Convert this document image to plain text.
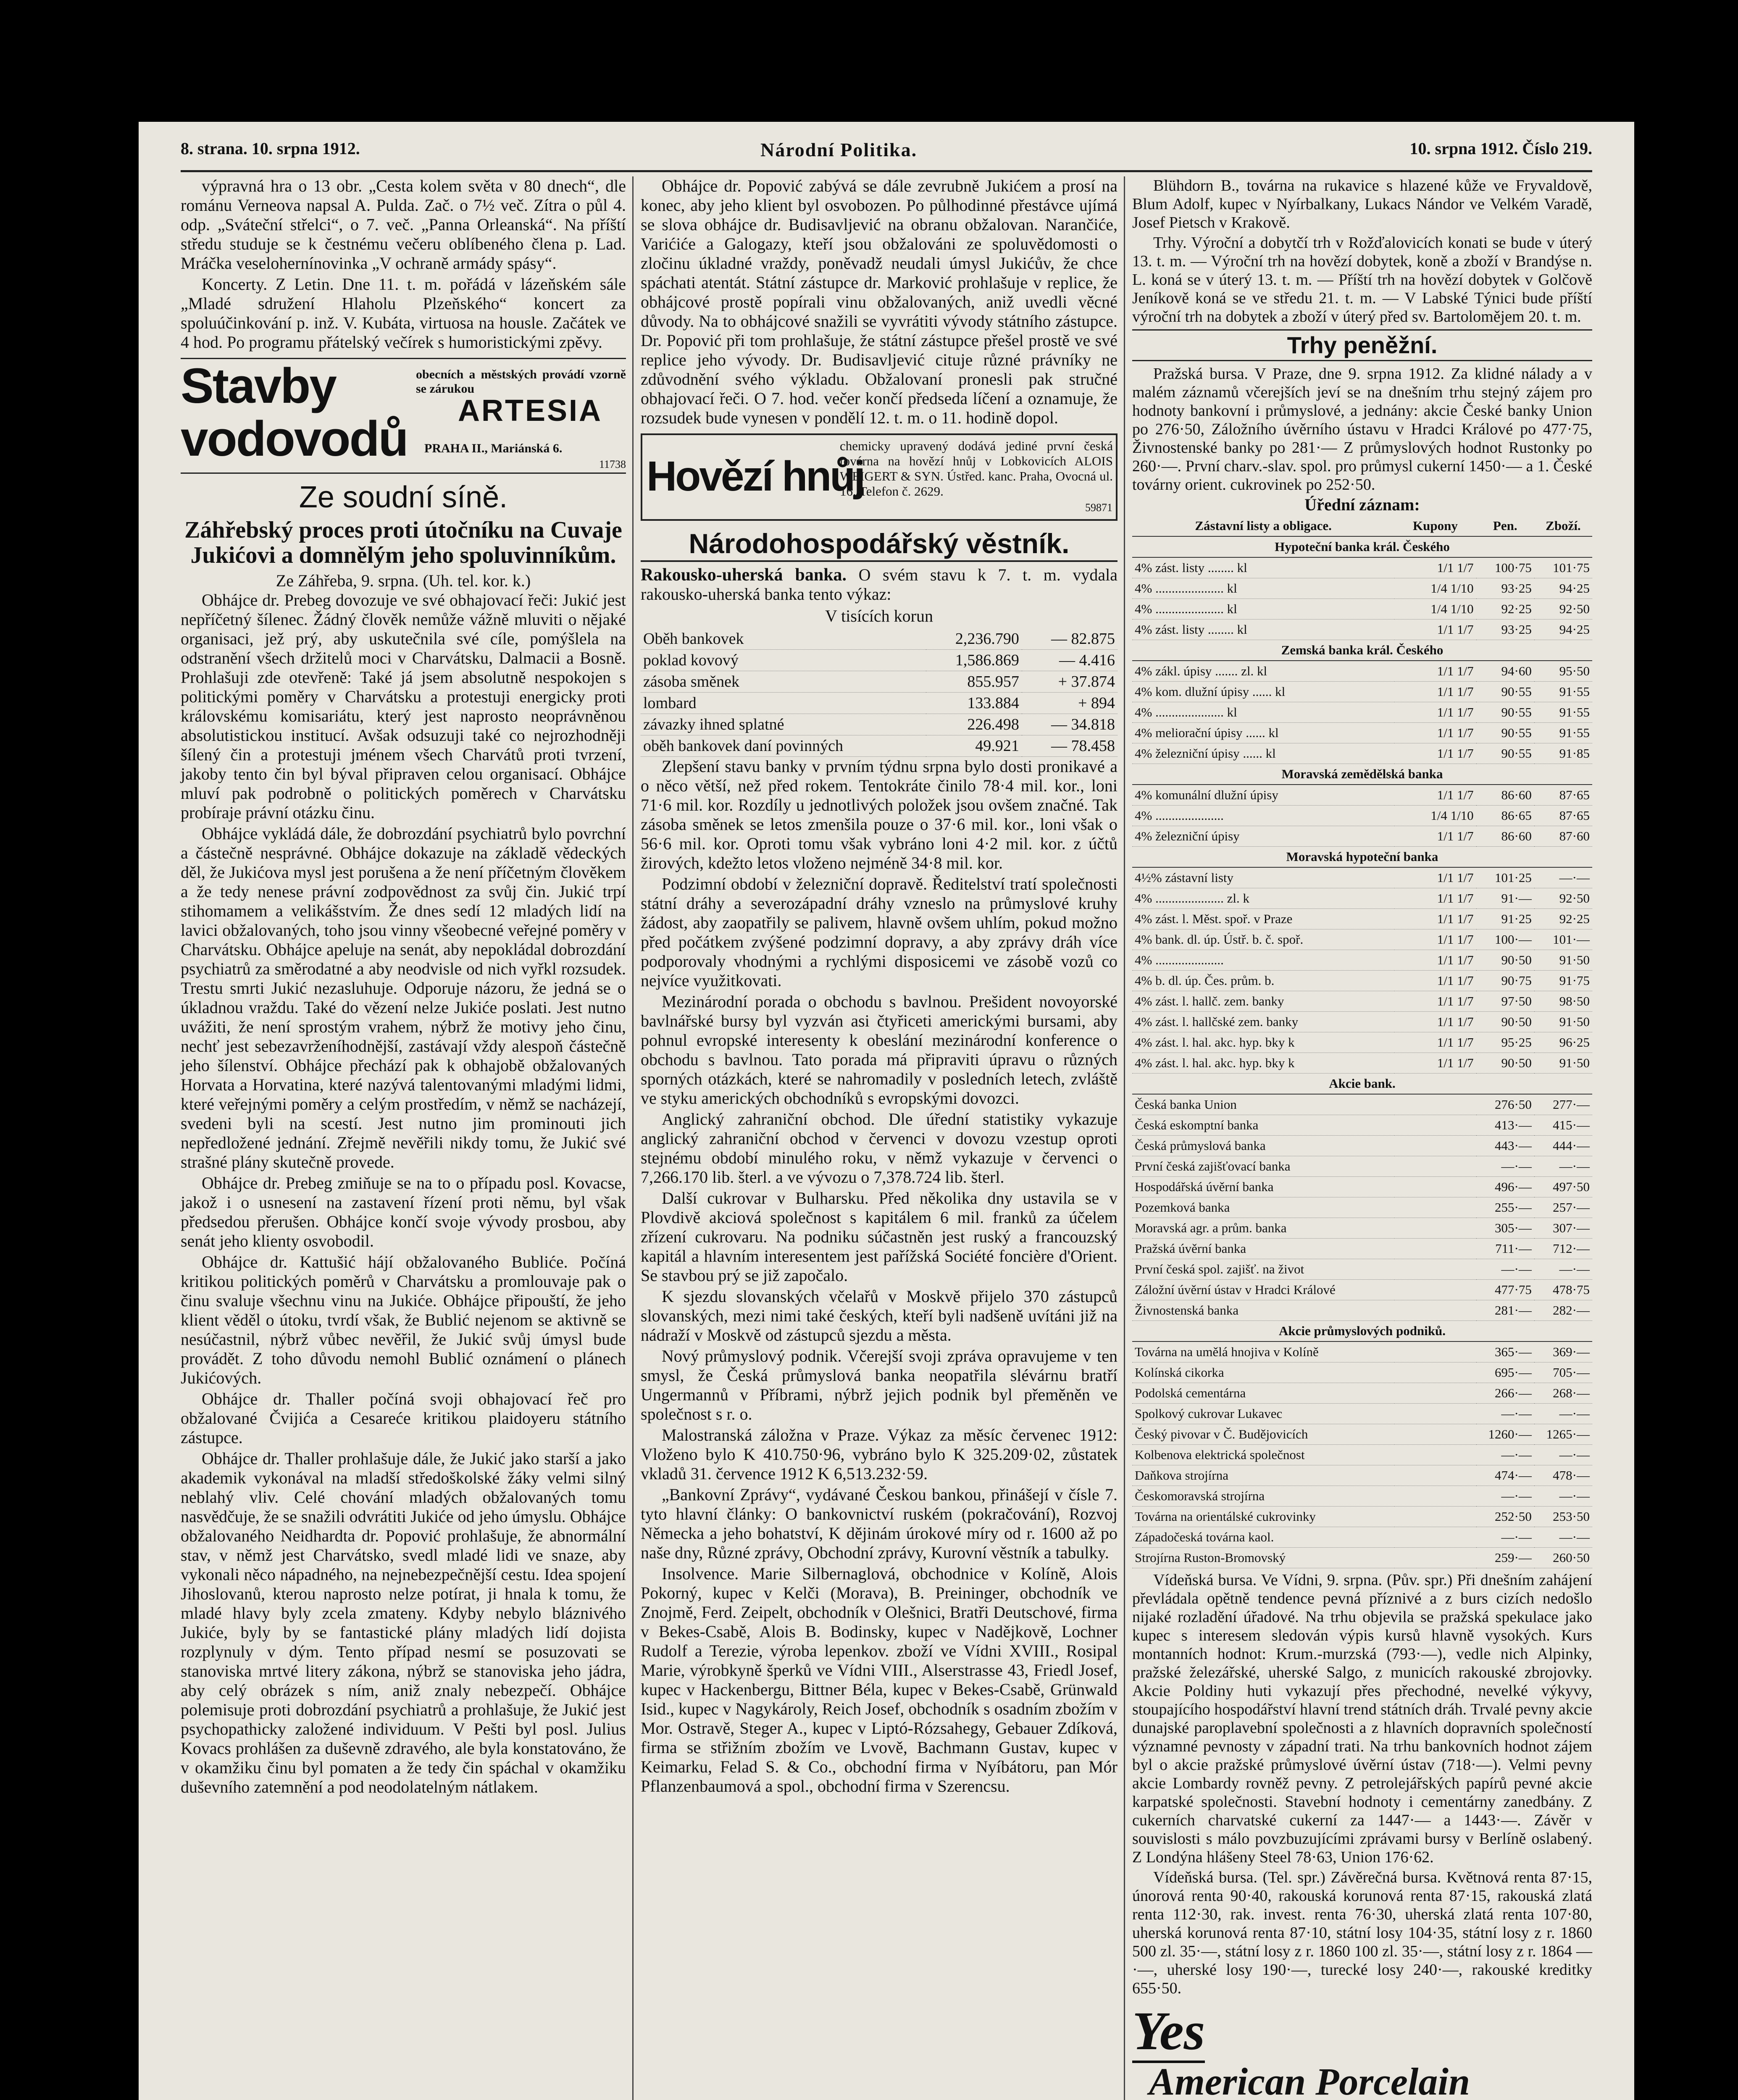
8. strana. 10. srpna 1912.	Národní Politika.	10. srpna 1912. Číslo 219.

výpravná hra o 13 obr. „Cesta kolem světa v 80 dnech“, dle románu Verneova napsal A. Pulda. Zač. o 7½ več. Zítra o půl 4. odp. „Sváteční střelci“, o 7. več. „Panna Orleanská“. Na příští středu studuje se k čestnému večeru oblíbeného člena p. Lad. Mráčka veselohernínovinka „V ochraně armády spásy“.

Koncerty. Z Letin. Dne 11. t. m. pořádá v lázeňském sále „Mladé sdružení Hlaholu Plzeňského“ koncert za spoluúčinkování p. inž. V. Kubáta, virtuosa na housle. Začátek ve 4 hod. Po programu přátelský večírek s humoristickými zpěvy.

Stavby
vodovodů
obecních a městských provádí vzorně se zárukou
ARTESIA
PRAHA II., Mariánská 6.
11738
Ze soudní síně.
Záhřebský proces proti útočníku na Cuvaje Jukićovi a domnělým jeho spoluvinníkům.
Ze Záhřeba, 9. srpna. (Uh. tel. kor. k.)

Obhájce dr. Prebeg dovozuje ve své obhajovací řeči: Jukić jest nepříčetný šílenec. Žádný člověk nemůže vážně mluviti o nějaké organisaci, jež prý, aby uskutečnila své cíle, pomýšlela na odstranění všech držitelů moci v Charvátsku, Dalmacii a Bosně. Prohlašuji zde otevřeně: Také já jsem absolutně nespokojen s politickými poměry v Charvátsku a protestuji energicky proti královskému komisariátu, který jest naprosto neoprávněnou absolutistickou institucí. Avšak odsuzuji také co nejrozhodněji šílený čin a protestuji jménem všech Charvátů proti tvrzení, jakoby tento čin byl býval připraven celou organisací. Obhájce mluví pak podrobně o politických poměrech v Charvátsku probíraje právní otázku činu.

Obhájce vykládá dále, že dobrozdání psychiatrů bylo povrchní a částečně nesprávné. Obhájce dokazuje na základě vědeckých děl, že Jukićova mysl jest porušena a že není příčetným člověkem a že tedy nenese právní zodpovědnost za svůj čin. Jukić trpí stihomamem a velikášstvím. Že dnes sedí 12 mladých lidí na lavici obžalovaných, toho jsou vinny všeobecné veřejné poměry v Charvátsku. Obhájce apeluje na senát, aby nepokládal dobrozdání psychiatrů za směrodatné a aby neodvisle od nich vyřkl rozsudek. Trestu smrti Jukić nezasluhuje. Odporuje názoru, že jedná se o úkladnou vraždu. Také do vězení nelze Jukiće poslati. Jest nutno uvážiti, že není sprostým vrahem, nýbrž že motivy jeho činu, nechť jest sebezavrženíhodnější, zastávají vždy alespoň částečně jeho šílenství. Obhájce přechází pak k obhajobě obžalovaných Horvata a Horvatina, které nazývá talentovanými mladými lidmi, které veřejnými poměry a celým prostředím, v němž se nacházejí, svedeni byli na scestí. Jest nutno jim prominouti jich nepředložené jednání. Zřejmě nevěřili nikdy tomu, že Jukić své strašné plány skutečně provede.

Obhájce dr. Prebeg zmiňuje se na to o případu posl. Kovacse, jakož i o usnesení na zastavení řízení proti němu, byl však předsedou přerušen. Obhájce končí svoje vývody prosbou, aby senát jeho klienty osvobodil.

Obhájce dr. Kattušić hájí obžalovaného Bubliće. Počíná kritikou politických poměrů v Charvátsku a promlouvaje pak o činu svaluje všechnu vinu na Jukiće. Obhájce připouští, že jeho klient věděl o útoku, tvrdí však, že Bublić nejenom se aktivně se nesúčastnil, nýbrž vůbec nevěřil, že Jukić svůj úmysl bude provádět. Z toho důvodu nemohl Bublić oznámení o plánech Jukićových.

Obhájce dr. Thaller počíná svoji obhajovací řeč pro obžalované Čvijića a Cesareće kritikou plaidoyeru státního zástupce.

Obhájce dr. Thaller prohlašuje dále, že Jukić jako starší a jako akademik vykonával na mladší středoškolské žáky velmi silný neblahý vliv. Celé chování mladých obžalovaných tomu nasvědčuje, že se snažili odvrátiti Jukiće od jeho úmyslu. Obhájce obžalovaného Neidhardta dr. Popović prohlašuje, že abnormální stav, v němž jest Charvátsko, svedl mladé lidi ve snaze, aby vykonali něco nápadného, na nejnebezpečnější cestu. Idea spojení Jihoslovanů, kterou naprosto nelze potírat, ji hnala k tomu, že mladé hlavy byly zcela zmateny. Kdyby nebylo bláznivého Jukiće, byly by se fantastické plány mladých lidí dojista rozplynuly v dým. Tento případ nesmí se posuzovati se stanoviska mrtvé litery zákona, nýbrž se stanoviska jeho jádra, aby celý obrázek s ním, aniž znaly nebezpečí. Obhájce polemisuje proti dobrozdání psychiatrů a prohlašuje, že Jukić jest psychopathicky založené individuum. V Pešti byl posl. Julius Kovacs prohlášen za duševně zdravého, ale byla konstatováno, že v okamžiku činu byl pomaten a že tedy čin spáchal v okamžiku duševního zatemnění a pod neodolatelným nátlakem.

Obhájce dr. Popović zabývá se dále zevrubně Jukićem a prosí na konec, aby jeho klient byl osvobozen. Po půlhodinné přestávce ujímá se slova obhájce dr. Budisavljević na obranu obžalovan. Narančiće, Varićiće a Galogazy, kteří jsou obžalováni ze spoluvědomosti o zločinu úkladné vraždy, poněvadž neudali úmysl Jukićův, že chce spáchati atentát. Státní zástupce dr. Marković prohlašuje v replice, že obhájcové prostě popírali vinu obžalovaných, aniž uvedli věcné důvody. Na to obhájcové snažili se vyvrátiti vývody státního zástupce. Dr. Popović při tom prohlašuje, že státní zástupce přešel prostě ve své replice jeho vývody. Dr. Budisavljević cituje různé právníky ne zdůvodnění svého výkladu. Obžalovaní pronesli pak stručné obhajovací řeči. O 7. hod. večer končí předseda líčení a oznamuje, že rozsudek bude vynesen v pondělí 12. t. m. o 11. hodině dopol.

Hovězí hnůj
chemicky upravený dodává jediné první česká továrna na hovězí hnůj v Lobkovicích ALOIS WEIGERT & SYN. Ústřed. kanc. Praha, Ovocná ul. 16. Telefon č. 2629.
59871
Národohospodářský věstník.
Rakousko-uherská banka. O svém stavu k 7. t. m. vydala rakousko-uherská banka tento výkaz:
V tisících korun
Oběh bankovek	2,236.790	— 82.875
poklad kovový	1,586.869	— 4.416
zásoba směnek	855.957	+ 37.874
lombard	133.884	+ 894
závazky ihned splatné	226.498	— 34.818
oběh bankovek daní povinných	49.921	— 78.458

Zlepšení stavu banky v prvním týdnu srpna bylo dosti pronikavé a o něco větší, než před rokem. Tentokráte činilo 78·4 mil. kor., loni 71·6 mil. kor. Rozdíly u jednotlivých položek jsou ovšem značné. Tak zásoba směnek se letos zmenšila pouze o 37·6 mil. kor., loni však o 56·6 mil. kor. Oproti tomu však vybráno loni 4·2 mil. kor. z účtů žirových, kdežto letos vloženo nejméně 34·8 mil. kor.

Podzimní období v železniční dopravě. Ředitelství tratí společnosti státní dráhy a severozápadní dráhy vzneslo na průmyslové kruhy žádost, aby zaopatřily se palivem, hlavně ovšem uhlím, pokud možno před počátkem zvýšené podzimní dopravy, a aby zprávy dráh více podporovaly vhodnými a rychlými disposicemi ve zásobě vozů co nejvíce využitkovati.

Mezinárodní porada o obchodu s bavlnou. Prešident novoyorské bavlnářské bursy byl vyzván asi čtyřiceti americkými bursami, aby pohnul evropské interesenty k obeslání mezinárodní konference o obchodu s bavlnou. Tato porada má připraviti úpravu o různých sporných otázkách, které se nahromadily v posledních letech, zvláště ve styku amerických obchodníků s evropskými dovozci.

Anglický zahraniční obchod. Dle úřední statistiky vykazuje anglický zahraniční obchod v červenci v dovozu vzestup oproti stejnému období minulého roku, v němž vykazuje v červenci o 7,266.170 lib. šterl. a ve vývozu o 7,378.724 lib. šterl.

Další cukrovar v Bulharsku. Před několika dny ustavila se v Plovdivě akciová společnost s kapitálem 6 mil. franků za účelem zřízení cukrovaru. Na podniku súčastněn jest ruský a francouzský kapitál a hlavním interesentem jest pařížská Société foncière d'Orient. Se stavbou prý se již započalo.

K sjezdu slovanských včelařů v Moskvě přijelo 370 zástupců slovanských, mezi nimi také českých, kteří byli nadšeně uvítáni již na nádraží v Moskvě od zástupců sjezdu a města.

Nový průmyslový podnik. Včerejší svoji zpráva opravujeme v ten smysl, že Česká průmyslová banka neopatřila slévárnu bratří Ungermannů v Příbrami, nýbrž jejich podnik byl přeměněn ve společnost s r. o.

Malostranská záložna v Praze. Výkaz za měsíc červenec 1912: Vloženo bylo K 410.750·96, vybráno bylo K 325.209·02, zůstatek vkladů 31. července 1912 K 6,513.232·59.

„Bankovní Zprávy“, vydávané Českou bankou, přinášejí v čísle 7. tyto hlavní články: O bankovnictví ruském (pokračování), Rozvoj Německa a jeho bohatství, K dějinám úrokové míry od r. 1600 až po naše dny, Různé zprávy, Obchodní zprávy, Kurovní věstník a tabulky.

Insolvence. Marie Silbernaglová, obchodnice v Kolíně, Alois Pokorný, kupec v Kelči (Morava), B. Preininger, obchodník ve Znojmě, Ferd. Zeipelt, obchodník v Olešnici, Bratři Deutschové, firma v Bekes-Csabě, Alois B. Bodinsky, kupec v Nadějkově, Lochner Rudolf a Terezie, výroba lepenkov. zboží ve Vídni XVIII., Rosipal Marie, výrobkyně šperků ve Vídni VIII., Alserstrasse 43, Friedl Josef, kupec v Hackenbergu, Bittner Béla, kupec v Bekes-Csabě, Grünwald Isid., kupec v Nagykároly, Reich Josef, obchodník s osadním zbožím v Mor. Ostravě, Steger A., kupec v Liptó-Rózsahegy, Gebauer Zdíková, firma se střižním zbožím ve Lvově, Bachmann Gustav, kupec v Keimarku, Felad S. & Co., obchodní firma v Nyíbátoru, pan Mór Pflanzenbaumová a spol., obchodní firma v Szerencsu.

Blühdorn B., továrna na rukavice s hlazené kůže ve Fryvaldově, Blum Adolf, kupec v Nyírbalkany, Lukacs Nándor ve Velkém Varadě, Josef Pietsch v Krakově.

Trhy. Výroční a dobytčí trh v Rožďalovicích konati se bude v úterý 13. t. m. — Výroční trh na hovězí dobytek, koně a zboží v Brandýse n. L. koná se v úterý 13. t. m. — Příští trh na hovězí dobytek v Golčově Jeníkově koná se ve středu 21. t. m. — V Labské Týnici bude příští výroční trh na dobytek a zboží v úterý před sv. Bartolomějem 20. t. m.

Trhy peněžní.

Pražská bursa. V Praze, dne 9. srpna 1912. Za klidné nálady a v malém záznamů včerejších jeví se na dnešním trhu stejný zájem pro hodnoty bankovní i průmyslové, a jednány: akcie České banky Union po 276·50, Záložního úvěrního ústavu v Hradci Králové po 477·75, Živnostenské banky po 281·— Z průmyslových hodnot Rustonky po 260·—. První charv.-slav. spol. pro průmysl cukerní 1450·— a 1. České továrny orient. cukrovinek po 252·50.

Úřední záznam:
Zástavní listy a obligace.	Kupony	Pen.	Zboží.
Hypoteční banka král. Českého			
4% zást. listy ........ kl	1/1 1/7	100·75	101·75
4% ..................... kl	1/4 1/10	93·25	94·25
4% ..................... kl	1/4 1/10	92·25	92·50
4% zást. listy ........ kl	1/1 1/7	93·25	94·25
Zemská banka král. Českého			
4% zákl. úpisy ....... zl. kl	1/1 1/7	94·60	95·50
4% kom. dlužní úpisy ...... kl	1/1 1/7	90·55	91·55
4% ..................... kl	1/1 1/7	90·55	91·55
4% meliorační úpisy ...... kl	1/1 1/7	90·55	91·55
4% železniční úpisy ...... kl	1/1 1/7	90·55	91·85
Moravská zemědělská banka			
4% komunální dlužní úpisy	1/1 1/7	86·60	87·65
4% .....................	1/4 1/10	86·65	87·65
4% železniční úpisy	1/1 1/7	86·60	87·60
Moravská hypoteční banka			
4½% zástavní listy	1/1 1/7	101·25	—·—
4% ..................... zl. k	1/1 1/7	91·—	92·50
4% zást. l. Měst. spoř. v Praze	1/1 1/7	91·25	92·25
4% bank. dl. úp. Ústř. b. č. spoř.	1/1 1/7	100·—	101·—
4% .....................	1/1 1/7	90·50	91·50
4% b. dl. úp. Čes. prům. b.	1/1 1/7	90·75	91·75
4% zást. l. hallč. zem. banky	1/1 1/7	97·50	98·50
4% zást. l. hallčské zem. banky	1/1 1/7	90·50	91·50
4% zást. l. hal. akc. hyp. bky k	1/1 1/7	95·25	96·25
4% zást. l. hal. akc. hyp. bky k	1/1 1/7	90·50	91·50
Akcie bank.			
Česká banka Union		276·50	277·—
Česká eskomptní banka		413·—	415·—
Česká průmyslová banka		443·—	444·—
První česká zajišťovací banka		—·—	—·—
Hospodářská úvěrní banka		496·—	497·50
Pozemková banka		255·—	257·—
Moravská agr. a prům. banka		305·—	307·—
Pražská úvěrní banka		711·—	712·—
První česká spol. zajišť. na život		—·—	—·—
Záložní úvěrní ústav v Hradci Králové		477·75	478·75
Živnostenská banka		281·—	282·—
Akcie průmyslových podniků.			
Továrna na umělá hnojiva v Kolíně		365·—	369·—
Kolínská cikorka		695·—	705·—
Podolská cementárna		266·—	268·—
Spolkový cukrovar Lukavec		—·—	—·—
Český pivovar v Č. Budějovicích		1260·—	1265·—
Kolbenova elektrická společnost		—·—	—·—
Daňkova strojírna		474·—	478·—
Českomoravská strojírna		—·—	—·—
Továrna na orientálské cukrovinky		252·50	253·50
Západočeská továrna kaol.		—·—	—·—
Strojírna Ruston-Bromovský		259·—	260·50

Vídeňská bursa. Ve Vídni, 9. srpna. (Pův. spr.) Při dnešním zahájení převládala opětně tendence pevná příznivé a z burs cizích nedošlo nijaké rozladění úřadové. Na trhu objevila se pražská spekulace jako kupec s interesem sledován výpis kursů hlavně vysokých. Kurs montanních hodnot: Krum.-murzská (793·—), vedle nich Alpinky, pražské železářské, uherské Salgo, z municích rakouské zbrojovky. Akcie Poldiny huti vykazují přes přechodné, nevelké výkyvy, stoupajícího hospodářství hlavní trend státních dráh. Trvalé pevny akcie dunajské paroplavební společnosti a z hlavních dopravních společností významné pevnosty v západní trati. Na trhu bankovních hodnot zájem byl o akcie pražské průmyslové úvěrní ústav (718·—). Velmi pevny akcie Lombardy rovněž pevny. Z petrolejářských papírů pevné akcie karpatské společnosti. Stavební hodnoty i cementárny zanedbány. Z cukerních charvatské cukerní za 1447·— a 1443·—. Závěr v souvislosti s málo povzbuzujícími zprávami bursy v Berlíně oslabený. Z Londýna hlášeny Steel 78·63, Union 176·62.

Vídeňská bursa. (Tel. spr.) Závěrečná bursa. Květnová renta 87·15, únorová renta 90·40, rakouská korunová renta 87·15, rakouská zlatá renta 112·30, rak. invest. renta 76·30, uherská zlatá renta 107·80, uherská korunová renta 87·10, státní losy 104·35, státní losy z r. 1860 500 zl. 35·—, státní losy z r. 1860 100 zl. 35·—, státní losy z r. 1864 —·—, uherské losy 190·—, turecké losy 240·—, rakouské kreditky 655·50.

Yes
American Porcelain
